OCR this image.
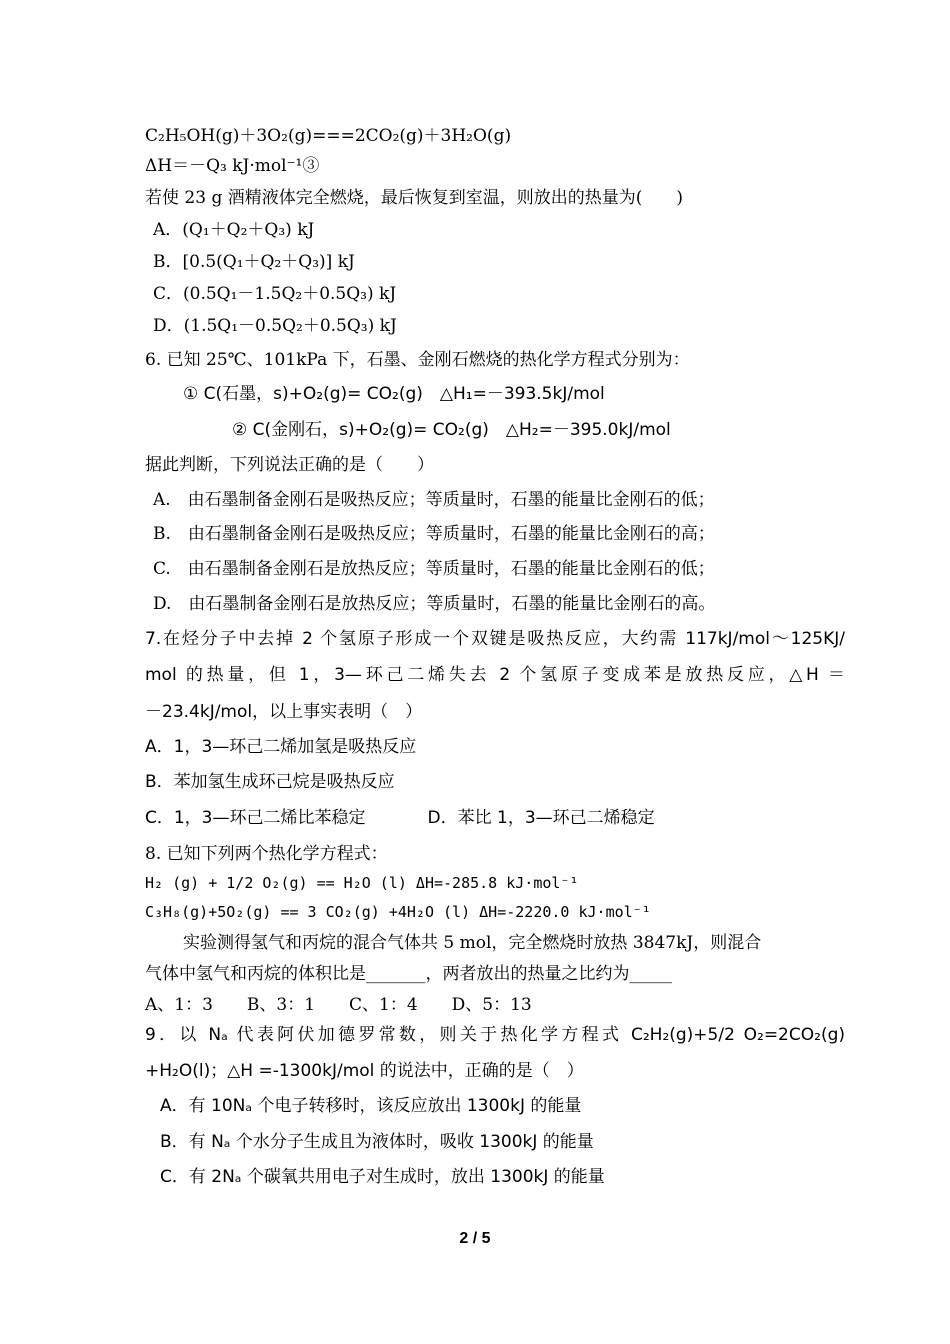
C₂H₅OH(g)＋3O₂(g)===2CO₂(g)＋3H₂O(g)
ΔH＝－Q₃ kJ·mol⁻¹③
若使 23 g 酒精液体完全燃烧，最后恢复到室温，则放出的热量为(　　)
A．(Q₁＋Q₂＋Q₃) kJ
B．[0.5(Q₁＋Q₂＋Q₃)] kJ
C．(0.5Q₁－1.5Q₂＋0.5Q₃) kJ
D．(1.5Q₁－0.5Q₂＋0.5Q₃) kJ
6. 已知 25℃、101kPa 下，石墨、金刚石燃烧的热化学方程式分别为：
① C(石墨，s)+O₂(g)= CO₂(g)　△H₁=－393.5kJ/mol
② C(金刚石，s)+O₂(g)= CO₂(g)　△H₂=－395.0kJ/mol
据此判断，下列说法正确的是（　　）
A.　由石墨制备金刚石是吸热反应；等质量时，石墨的能量比金刚石的低；
B.　由石墨制备金刚石是吸热反应；等质量时，石墨的能量比金刚石的高；
C.　由石墨制备金刚石是放热反应；等质量时，石墨的能量比金刚石的低；
D.　由石墨制备金刚石是放热反应；等质量时，石墨的能量比金刚石的高。
7.在烃分子中去掉 2 个氢原子形成一个双键是吸热反应，大约需 117kJ/mol～125KJ/
mol 的热量，但 1，3—环己二烯失去 2 个氢原子变成苯是放热反应，△H ＝
－23.4kJ/mol，以上事实表明（　）
A．1，3—环己二烯加氢是吸热反应
B．苯加氢生成环己烷是吸热反应
C．1，3—环己二烯比苯稳定	D．苯比 1，3—环己二烯稳定
8. 已知下列两个热化学方程式：
H₂ (g) + 1/2 O₂(g) == H₂O (l) ΔH=-285.8 kJ·mol⁻¹
C₃H₈(g)+5O₂(g) == 3 CO₂(g) +4H₂O (l) ΔH=-2220.0 kJ·mol⁻¹
实验测得氢气和丙烷的混合气体共 5 mol，完全燃烧时放热 3847kJ，则混合
气体中氢气和丙烷的体积比是_______，两者放出的热量之比约为_____
A、1：3　　B、3：1　　C、1：4　　D、5：13
9．以 Nₐ 代表阿伏加德罗常数，则关于热化学方程式 C₂H₂(g)+5/2 O₂=2CO₂(g)
+H₂O(l)；△H =-1300kJ/mol 的说法中，正确的是（　）
A．有 10Nₐ 个电子转移时，该反应放出 1300kJ 的能量
B．有 Nₐ 个水分子生成且为液体时，吸收 1300kJ 的能量
C．有 2Nₐ 个碳氧共用电子对生成时，放出 1300kJ 的能量
2 / 5
